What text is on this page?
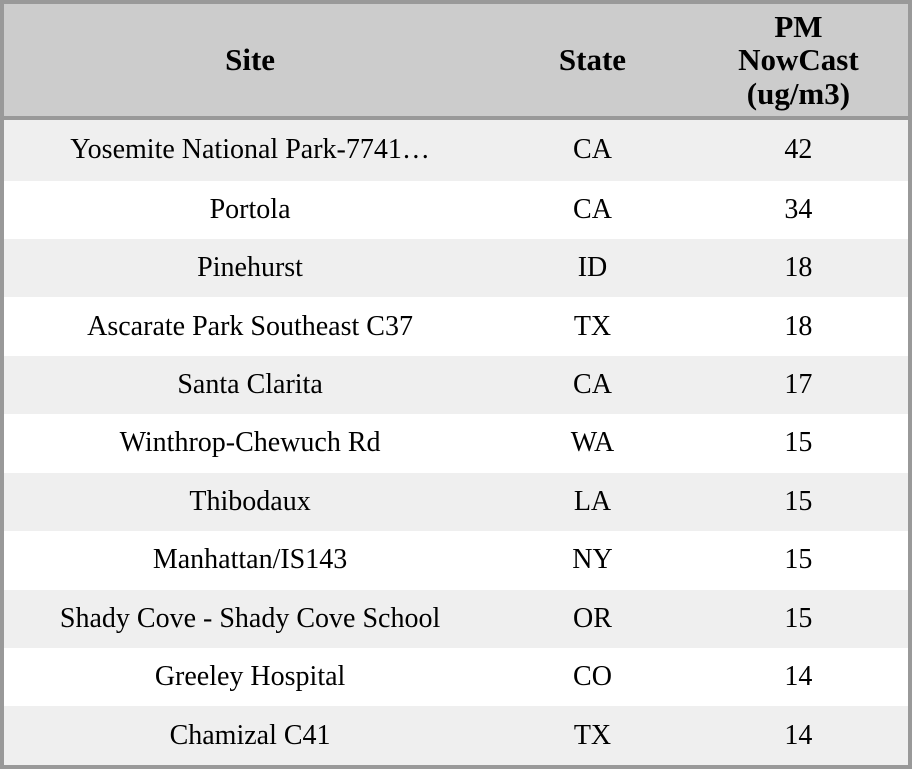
Site	State	PM
NowCast
(ug/m3)

Yosemite National Park-7741…	CA	42
Portola	CA	34
Pinehurst	ID	18
Ascarate Park Southeast C37	TX	18
Santa Clarita	CA	17
Winthrop-Chewuch Rd	WA	15
Thibodaux	LA	15
Manhattan/IS143	NY	15
Shady Cove - Shady Cove School	OR	15
Greeley Hospital	CO	14
Chamizal C41	TX	14
